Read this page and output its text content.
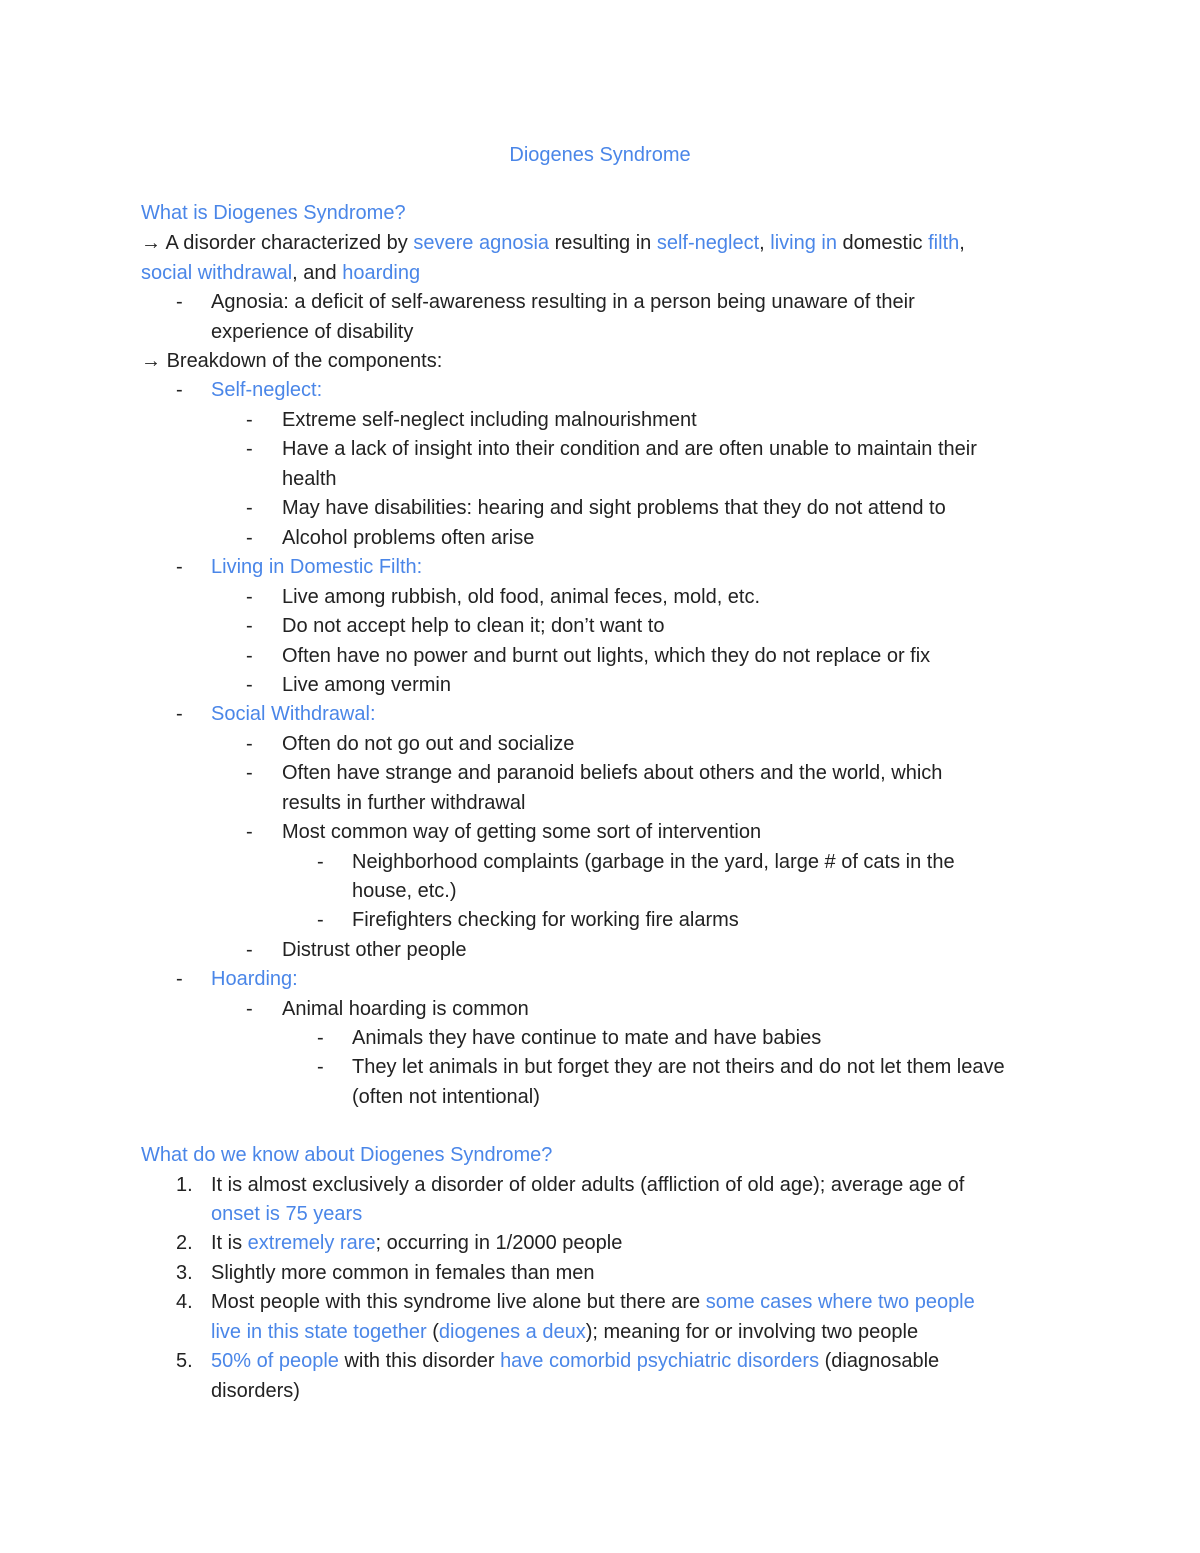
Diogenes Syndrome
What is Diogenes Syndrome?
→ A disorder characterized by severe agnosia resulting in self-neglect, living in domestic filth,
social withdrawal, and hoarding
- Agnosia: a deficit of self-awareness resulting in a person being unaware of their
experience of disability
→ Breakdown of the components:
- Self-neglect:
- Extreme self-neglect including malnourishment
- Have a lack of insight into their condition and are often unable to maintain their
health
- May have disabilities: hearing and sight problems that they do not attend to
- Alcohol problems often arise
- Living in Domestic Filth:
- Live among rubbish, old food, animal feces, mold, etc.
- Do not accept help to clean it; don’t want to
- Often have no power and burnt out lights, which they do not replace or fix
- Live among vermin
- Social Withdrawal:
- Often do not go out and socialize
- Often have strange and paranoid beliefs about others and the world, which
results in further withdrawal
- Most common way of getting some sort of intervention
- Neighborhood complaints (garbage in the yard, large # of cats in the
house, etc.)
- Firefighters checking for working fire alarms
- Distrust other people
- Hoarding:
- Animal hoarding is common
- Animals they have continue to mate and have babies
- They let animals in but forget they are not theirs and do not let them leave
(often not intentional)
What do we know about Diogenes Syndrome?
1. It is almost exclusively a disorder of older adults (affliction of old age); average age of
onset is 75 years
2. It is extremely rare; occurring in 1/2000 people
3. Slightly more common in females than men
4. Most people with this syndrome live alone but there are some cases where two people
live in this state together (diogenes a deux); meaning for or involving two people
5. 50% of people with this disorder have comorbid psychiatric disorders (diagnosable
disorders)
